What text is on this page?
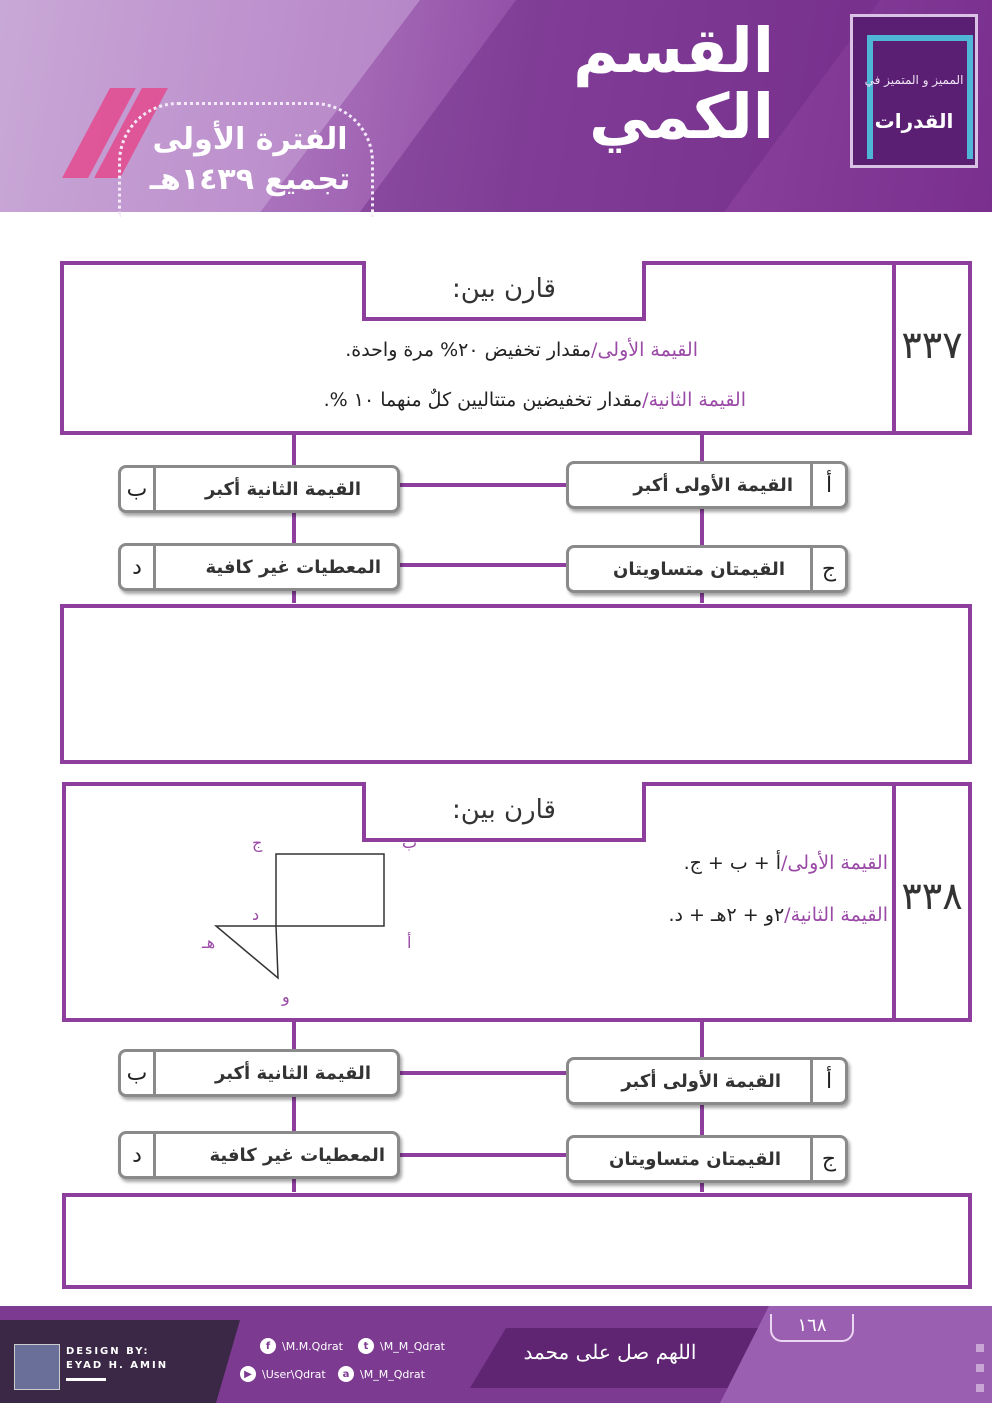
الفترة الأولى
تجميع ١٤٣٩هـ
القسم
الكمي	المميز و المتميز في
القدرات
٣٣٧
قارن بين:
القيمة الأولى/مقدار تخفيض ٢٠% مرة واحدة.
القيمة الثانية/مقدار تخفيضين متتاليين كلٌ منهما ١٠ %.
أ
القيمة الأولى أكبر
ب	القيمة الثانية أكبر
ج
القيمتان متساويتان
د	المعطيات غير كافية
٣٣٨
قارن بين:
القيمة الأولى/أ + ب + ج.
القيمة الثانية/٢و + ٢هـ + د.
ب
ج
د
هـ	أ
و
أ
القيمة الأولى أكبر
ب	القيمة الثانية أكبر
ج
القيمتان متساويتان
د	المعطيات غير كافية
DESIGN BY:
EYAD H. AMIN
f	\M.M.Qdrat	t	\M_M_Qdrat
▶ \User\Qdrat	a \M_M_Qdrat
اللهم صل على محمد
١٦٨
